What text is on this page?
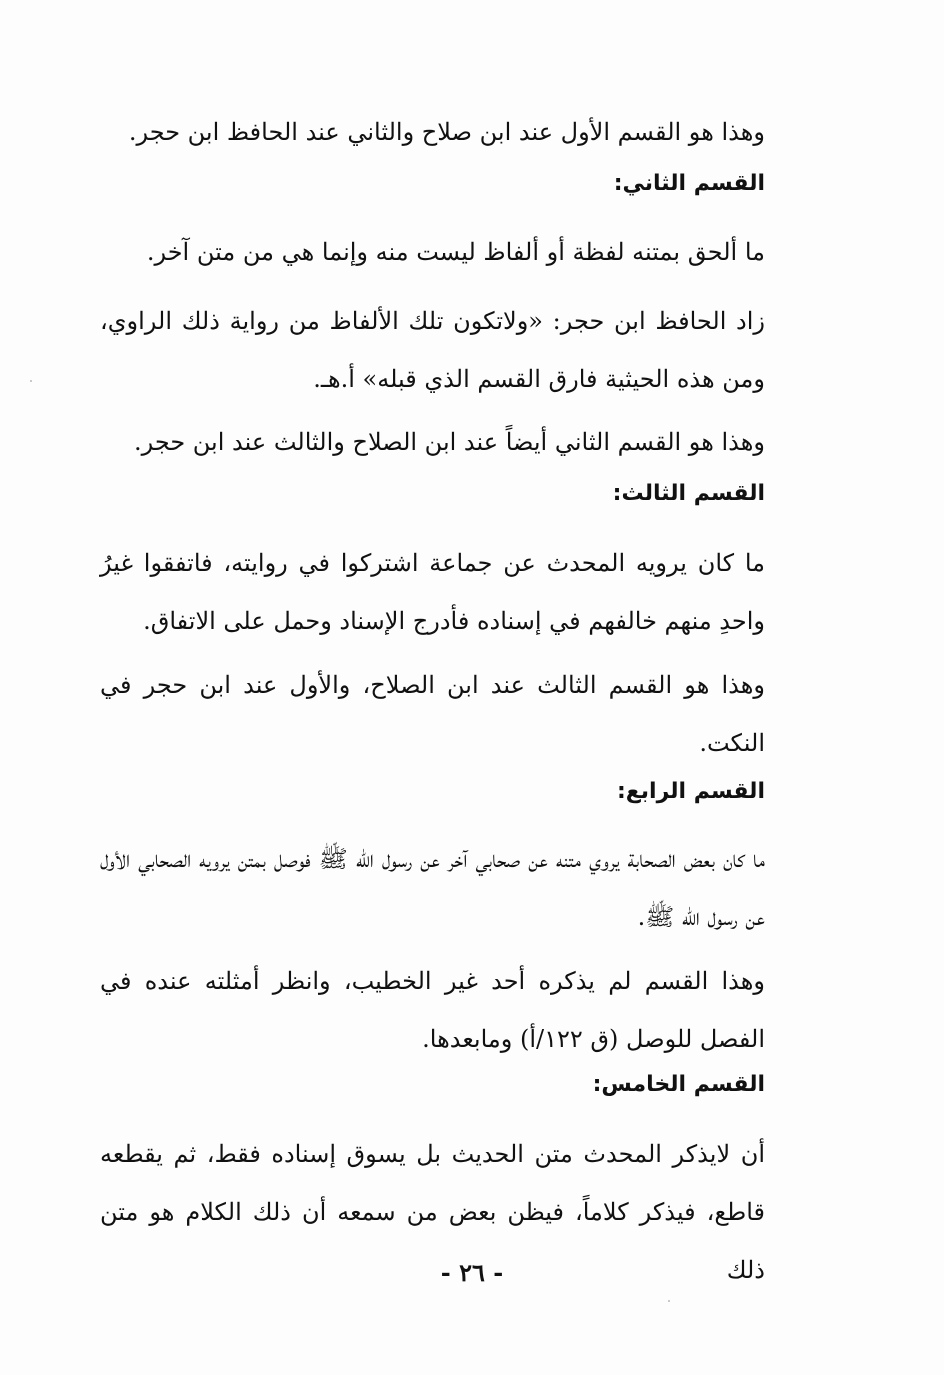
وهذا هو القسم الأول عند ابن صلاح والثاني عند الحافظ ابن حجر.

القسم الثاني:

ما ألحق بمتنه لفظة أو ألفاظ ليست منه وإنما هي من متن آخر.

زاد الحافظ ابن حجر: «ولاتكون تلك الألفاظ من رواية ذلك الراوي، ومن هذه الحيثية فارق القسم الذي قبله» أ.هـ.

وهذا هو القسم الثاني أيضاً عند ابن الصلاح والثالث عند ابن حجر.

القسم الثالث:

ما كان يرويه المحدث عن جماعة اشتركوا في روايته، فاتفقوا غيرُ واحدِ منهم خالفهم في إسناده فأدرج الإسناد وحمل على الاتفاق.

وهذا هو القسم الثالث عند ابن الصلاح، والأول عند ابن حجر في النكت.

القسم الرابع:

ما كان بعض الصحابة يروي متنه عن صحابي آخر عن رسول الله ﷺ فوصل بمتن يرويه الصحابي الأول عن رسول الله ﷺ.

وهذا القسم لم يذكره أحد غير الخطيب، وانظر أمثلته عنده في الفصل للوصل (ق ١٢٢/أ) ومابعدها.

القسم الخامس:

أن لايذكر المحدث متن الحديث بل يسوق إسناده فقط، ثم يقطعه قاطع، فيذكر كلاماً، فيظن بعض من سمعه أن ذلك الكلام هو متن ذلك

- ٢٦ -
